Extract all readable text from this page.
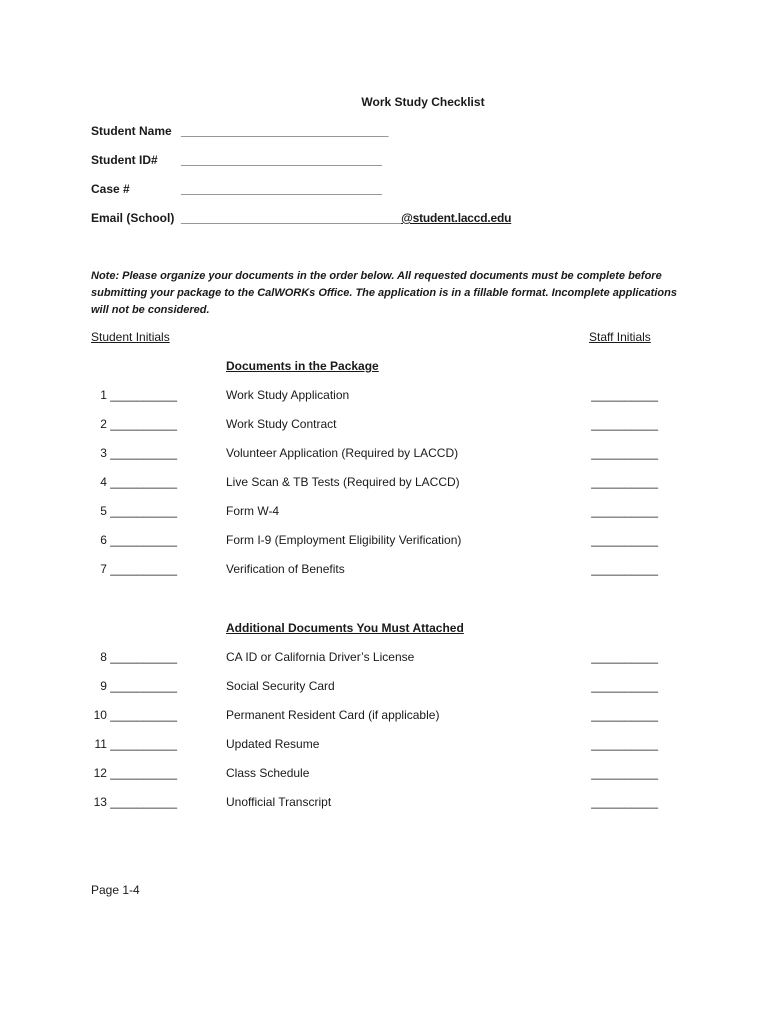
Work Study Checklist
Student Name ________________________________
Student ID# _______________________________
Case #	_______________________________
Email (School) __________________________________@student.laccd.edu
Note: Please organize your documents in the order below. All requested documents must be complete before submitting your package to the CalWORKs Office. The application is in a fillable format. Incomplete applications will not be considered.
Student Initials	Staff Initials
Documents in the Package
1 __________	Work Study Application	__________
2 __________	Work Study Contract	__________
3 __________	Volunteer Application (Required by LACCD)	__________
4 __________	Live Scan & TB Tests (Required by LACCD)	__________
5 __________	Form W-4	__________
6 __________	Form I-9 (Employment Eligibility Verification)	__________
7 __________	Verification of Benefits	__________
Additional Documents You Must Attached
8 __________	CA ID or California Driver’s License	__________
9 __________	Social Security Card	__________
10 __________	Permanent Resident Card (if applicable)	__________
11 __________	Updated Resume	__________
12 __________	Class Schedule	__________
13 __________	Unofficial Transcript	__________
Page 1-4
